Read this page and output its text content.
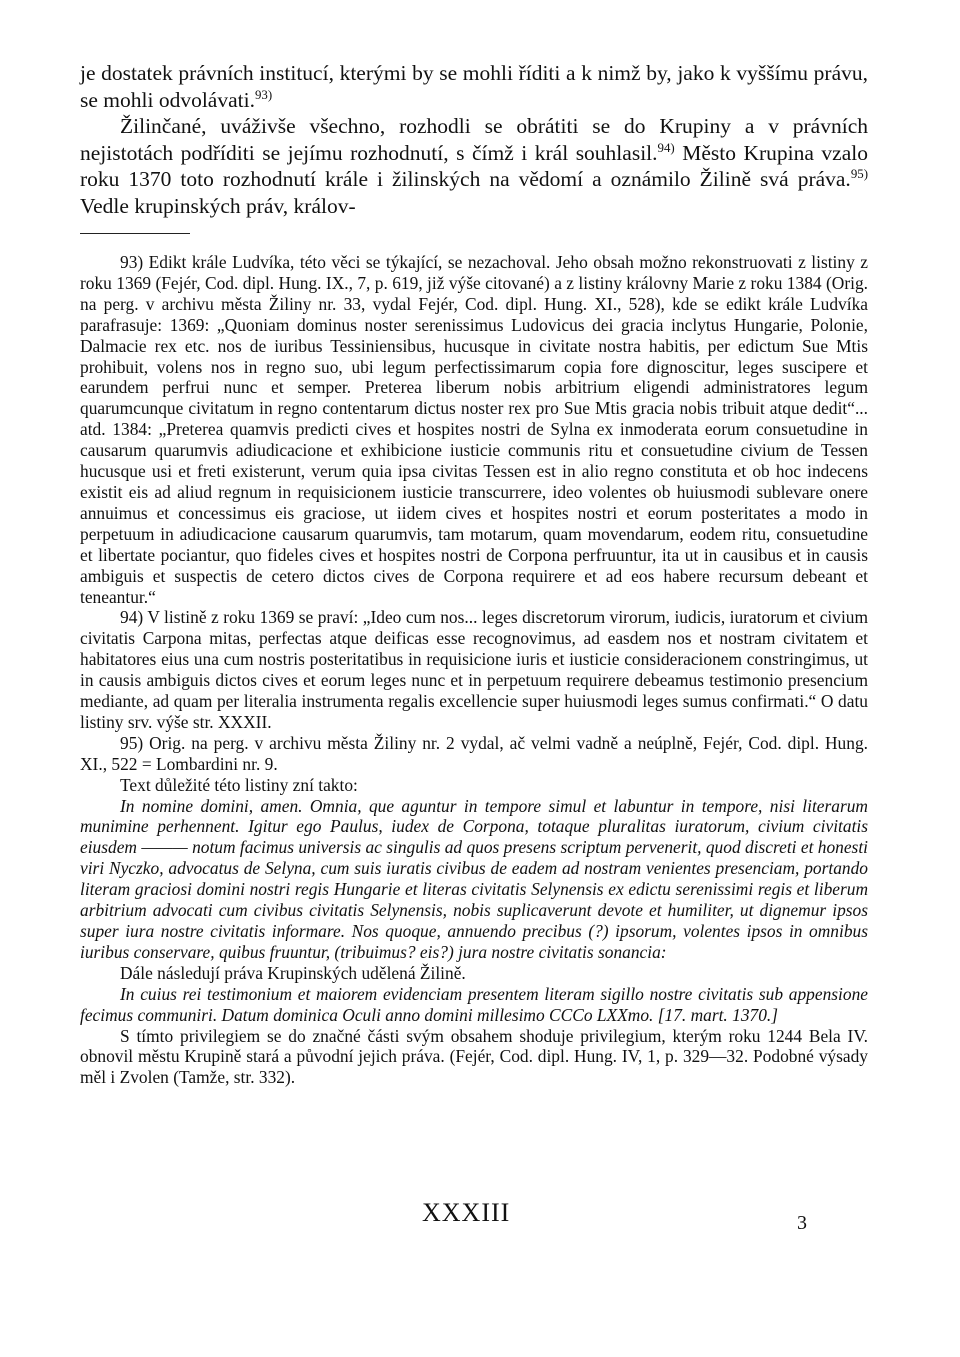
je dostatek právních institucí, kterými by se mohli říditi a k nimž by, jako k vyššímu právu, se mohli odvolávati.$^{93)}$

Žilinčané, uváživše všechno, rozhodli se obrátiti se do Krupiny a v právních nejistotách podříditi se jejímu rozhodnutí, s čímž i král souhlasil.$^{94)}$ Město Krupina vzalo roku 1370 toto rozhodnutí krále i žilinských na vědomí a oznámilo Žilině svá práva.$^{95)}$ Vedle krupinských práv, králov-

93) Edikt krále Ludvíka, této věci se týkající, se nezachoval. Jeho obsah možno rekonstruovati z listiny z roku 1369 (Fejér, Cod. dipl. Hung. IX., 7, p. 619, již výše citované) a z listiny královny Marie z roku 1384 (Orig. na perg. v archivu města Žiliny nr. 33, vydal Fejér, Cod. dipl. Hung. XI., 528), kde se edikt krále Ludvíka parafrasuje: 1369: „Quoniam dominus noster serenissimus Ludovicus dei gracia inclytus Hungarie, Polonie, Dalmacie rex etc. nos de iuribus Tessiniensibus, hucusque in civitate nostra habitis, per edictum Sue Mtis prohibuit, volens nos in regno suo, ubi legum perfectissimarum copia fore dignoscitur, leges suscipere et earundem perfrui nunc et semper. Preterea liberum nobis arbitrium eligendi administratores legum quarumcunque civitatum in regno contentarum dictus noster rex pro Sue Mtis gracia nobis tribuit atque dedit“... atd. 1384: „Preterea quamvis predicti cives et hospites nostri de Sylna ex inmoderata eorum consuetudine in causarum quarumvis adiudicacione et exhibicione iusticie communis ritu et consuetudine civium de Tessen hucusque usi et freti existerunt, verum quia ipsa civitas Tessen est in alio regno constituta et ob hoc indecens existit eis ad aliud regnum in requisicionem iusticie transcurrere, ideo volentes ob huiusmodi sublevare onere annuimus et concessimus eis graciose, ut iidem cives et hospites nostri et eorum posteritates a modo in perpetuum in adiudicacione causarum quarumvis, tam motarum, quam movendarum, eodem ritu, consuetudine et libertate pociantur, quo fideles cives et hospites nostri de Corpona perfruuntur, ita ut in causibus et in causis ambiguis et suspectis de cetero dictos cives de Corpona requirere et ad eos habere recursum debeant et teneantur.“

94) V listině z roku 1369 se praví: „Ideo cum nos... leges discretorum virorum, iudicis, iuratorum et civium civitatis Carpona mitas, perfectas atque deificas esse recognovimus, ad easdem nos et nostram civitatem et habitatores eius una cum nostris posteritatibus in requisicione iuris et iusticie consideracionem constringimus, ut in causis ambiguis dictos cives et eorum leges nunc et in perpetuum requirere debeamus testimonio presencium mediante, ad quam per literalia instrumenta regalis excellencie super huiusmodi leges sumus confirmati.“ O datu listiny srv. výše str. XXXII.

95) Orig. na perg. v archivu města Žiliny nr. 2 vydal, ač velmi vadně a neúplně, Fejér, Cod. dipl. Hung. XI., 522 = Lombardini nr. 9.

Text důležité této listiny zní takto:

In nomine domini, amen. Omnia, que aguntur in tempore simul et labuntur in tempore, nisi literarum munimine perhennent. Igitur ego Paulus, iudex de Corpona, totaque pluralitas iuratorum, civium civitatis eiusdem ——— notum facimus universis ac singulis ad quos presens scriptum pervenerit, quod discreti et honesti viri Nyczko, advocatus de Selyna, cum suis iuratis civibus de eadem ad nostram venientes presenciam, portando literam graciosi domini nostri regis Hungarie et literas civitatis Selynensis ex edictu serenissimi regis et liberum arbitrium advocati cum civibus civitatis Selynensis, nobis suplicaverunt devote et humiliter, ut dignemur ipsos super iura nostre civitatis informare. Nos quoque, annuendo precibus (?) ipsorum, volentes ipsos in omnibus iuribus conservare, quibus fruuntur, (tribuimus? eis?) jura nostre civitatis sonancia:

Dále následují práva Krupinských udělená Žilině.

In cuius rei testimonium et maiorem evidenciam presentem literam sigillo nostre civitatis sub appensione fecimus communiri. Datum dominica Oculi anno domini millesimo CCCo LXXmo. [17. mart. 1370.]

S tímto privilegiem se do značné části svým obsahem shoduje privilegium, kterým roku 1244 Bela IV. obnovil městu Krupině stará a původní jejich práva. (Fejér, Cod. dipl. Hung. IV, 1, p. 329—32. Podobné výsady měl i Zvolen (Tamže, str. 332).

XXXIII	3
